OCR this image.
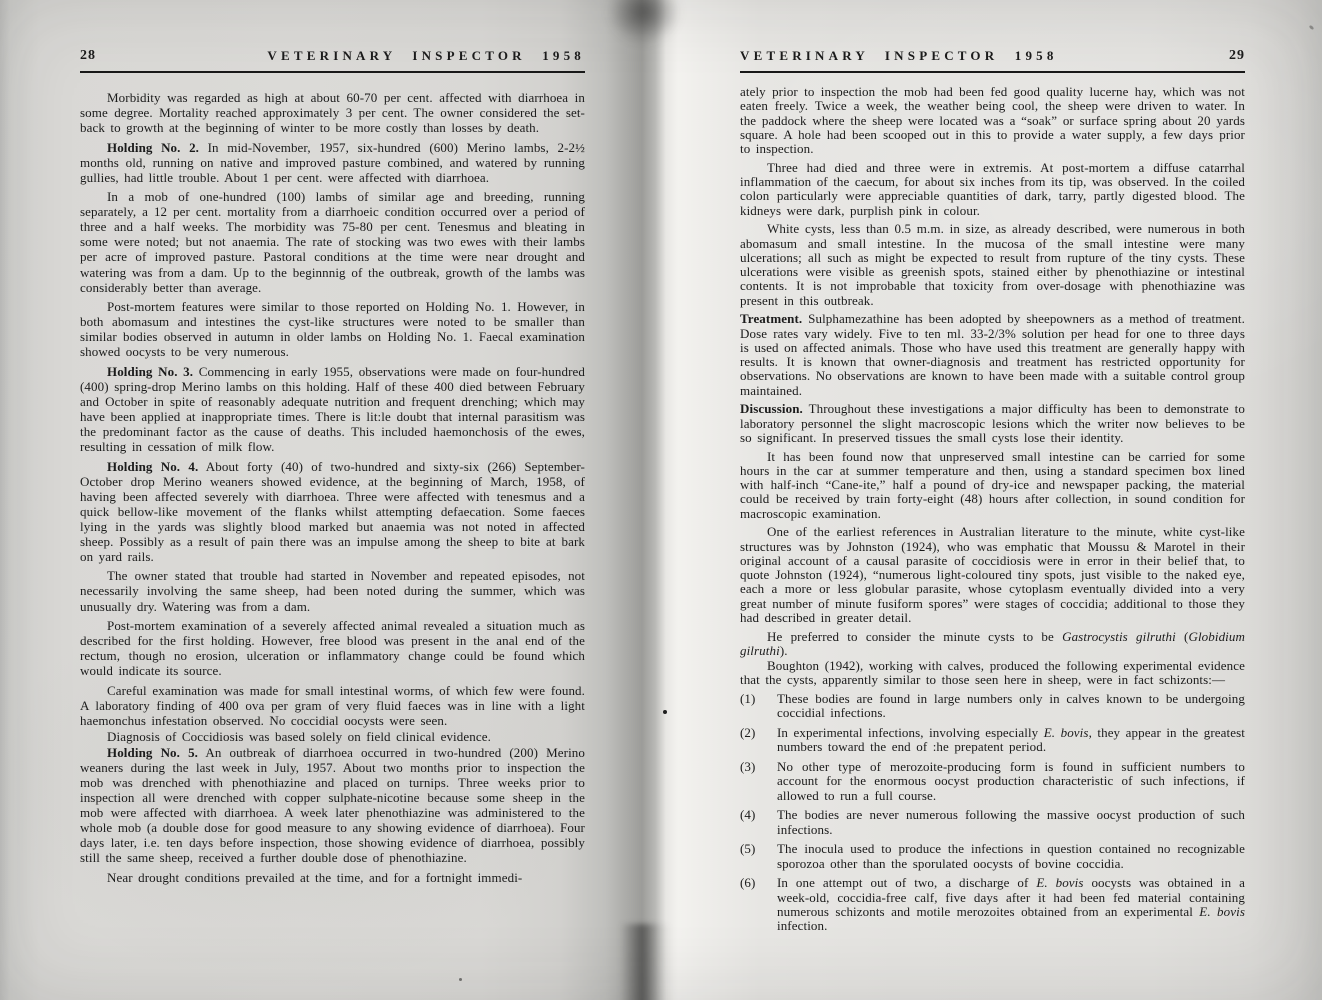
28	VETERINARY INSPECTOR 1958

Morbidity was regarded as high at about 60-70 per cent. affected with diarrhoea in some degree. Mortality reached approximately 3 per cent. The owner considered the set-back to growth at the beginning of winter to be more costly than losses by death.

Holding No. 2. In mid-November, 1957, six-hundred (600) Merino lambs, 2-2½ months old, running on native and improved pasture combined, and watered by running gullies, had little trouble. About 1 per cent. were affected with diarrhoea.

In a mob of one-hundred (100) lambs of similar age and breeding, running separately, a 12 per cent. mortality from a diarrhoeic condition occurred over a period of three and a half weeks. The morbidity was 75-80 per cent. Tenesmus and bleating in some were noted; but not anaemia. The rate of stocking was two ewes with their lambs per acre of improved pasture. Pastoral conditions at the time were near drought and watering was from a dam. Up to the beginnnig of the outbreak, growth of the lambs was considerably better than average.

Post-mortem features were similar to those reported on Holding No. 1. However, in both abomasum and intestines the cyst-like structures were noted to be smaller than similar bodies observed in autumn in older lambs on Holding No. 1. Faecal examination showed oocysts to be very numerous.

Holding No. 3. Commencing in early 1955, observations were made on four-hundred (400) spring-drop Merino lambs on this holding. Half of these 400 died between February and October in spite of reasonably adequate nutrition and frequent drenching; which may have been applied at inappropriate times. There is lit:le doubt that internal parasitism was the predominant factor as the cause of deaths. This included haemonchosis of the ewes, resulting in cessation of milk flow.

Holding No. 4. About forty (40) of two-hundred and sixty-six (266) September-October drop Merino weaners showed evidence, at the beginning of March, 1958, of having been affected severely with diarrhoea. Three were affected with tenesmus and a quick bellow-like movement of the flanks whilst attempting defaecation. Some faeces lying in the yards was slightly blood marked but anaemia was not noted in affected sheep. Possibly as a result of pain there was an impulse among the sheep to bite at bark on yard rails.

The owner stated that trouble had started in November and repeated episodes, not necessarily involving the same sheep, had been noted during the summer, which was unusually dry. Watering was from a dam.

Post-mortem examination of a severely affected animal revealed a situation much as described for the first holding. However, free blood was present in the anal end of the rectum, though no erosion, ulceration or inflammatory change could be found which would indicate its source.

Careful examination was made for small intestinal worms, of which few were found. A laboratory finding of 400 ova per gram of very fluid faeces was in line with a light haemonchus infestation observed. No coccidial oocysts were seen.

Diagnosis of Coccidiosis was based solely on field clinical evidence.

Holding No. 5. An outbreak of diarrhoea occurred in two-hundred (200) Merino weaners during the last week in July, 1957. About two months prior to inspection the mob was drenched with phenothiazine and placed on turnips. Three weeks prior to inspection all were drenched with copper sulphate-nicotine because some sheep in the mob were affected with diarrhoea. A week later phenothiazine was administered to the whole mob (a double dose for good measure to any showing evidence of diarrhoea). Four days later, i.e. ten days before inspection, those showing evidence of diarrhoea, possibly still the same sheep, received a further double dose of phenothiazine.

Near drought conditions prevailed at the time, and for a fortnight immedi-

VETERINARY INSPECTOR 1958	29

ately prior to inspection the mob had been fed good quality lucerne hay, which was not eaten freely. Twice a week, the weather being cool, the sheep were driven to water. In the paddock where the sheep were located was a “soak” or surface spring about 20 yards square. A hole had been scooped out in this to provide a water supply, a few days prior to inspection.

Three had died and three were in extremis. At post-mortem a diffuse catarrhal inflammation of the caecum, for about six inches from its tip, was observed. In the coiled colon particularly were appreciable quantities of dark, tarry, partly digested blood. The kidneys were dark, purplish pink in colour.

White cysts, less than 0.5 m.m. in size, as already described, were numerous in both abomasum and small intestine. In the mucosa of the small intestine were many ulcerations; all such as might be expected to result from rupture of the tiny cysts. These ulcerations were visible as greenish spots, stained either by phenothiazine or intestinal contents. It is not improbable that toxicity from over-dosage with phenothiazine was present in this outbreak.

Treatment. Sulphamezathine has been adopted by sheepowners as a method of treatment. Dose rates vary widely. Five to ten ml. 33-2/3% solution per head for one to three days is used on affected animals. Those who have used this treatment are generally happy with results. It is known that owner-diagnosis and treatment has restricted opportunity for observations. No observations are known to have been made with a suitable control group maintained.

Discussion. Throughout these investigations a major difficulty has been to demonstrate to laboratory personnel the slight macroscopic lesions which the writer now believes to be so significant. In preserved tissues the small cysts lose their identity.

It has been found now that unpreserved small intestine can be carried for some hours in the car at summer temperature and then, using a standard specimen box lined with half-inch “Cane-ite,” half a pound of dry-ice and newspaper packing, the material could be received by train forty-eight (48) hours after collection, in sound condition for macroscopic examination.

One of the earliest references in Australian literature to the minute, white cyst-like structures was by Johnston (1924), who was emphatic that Moussu & Marotel in their original account of a causal parasite of coccidiosis were in error in their belief that, to quote Johnston (1924), “numerous light-coloured tiny spots, just visible to the naked eye, each a more or less globular parasite, whose cytoplasm eventually divided into a very great number of minute fusiform spores” were stages of coccidia; additional to those they had described in greater detail.

He preferred to consider the minute cysts to be Gastrocystis gilruthi (Globidium gilruthi).

Boughton (1942), working with calves, produced the following experimental evidence that the cysts, apparently similar to those seen here in sheep, were in fact schizonts:—

(1)	These bodies are found in large numbers only in calves known to be undergoing coccidial infections.

(2)	In experimental infections, involving especially E. bovis, they appear in the greatest numbers toward the end of :he prepatent period.

(3)	No other type of merozoite-producing form is found in sufficient numbers to account for the enormous oocyst production characteristic of such infections, if allowed to run a full course.

(4)	The bodies are never numerous following the massive oocyst production of such infections.

(5)	The inocula used to produce the infections in question contained no recognizable sporozoa other than the sporulated oocysts of bovine coccidia.

(6)	In one attempt out of two, a discharge of E. bovis oocysts was obtained in a week-old, coccidia-free calf, five days after it had been fed material containing numerous schizonts and motile merozoites obtained from an experimental E. bovis infection.
